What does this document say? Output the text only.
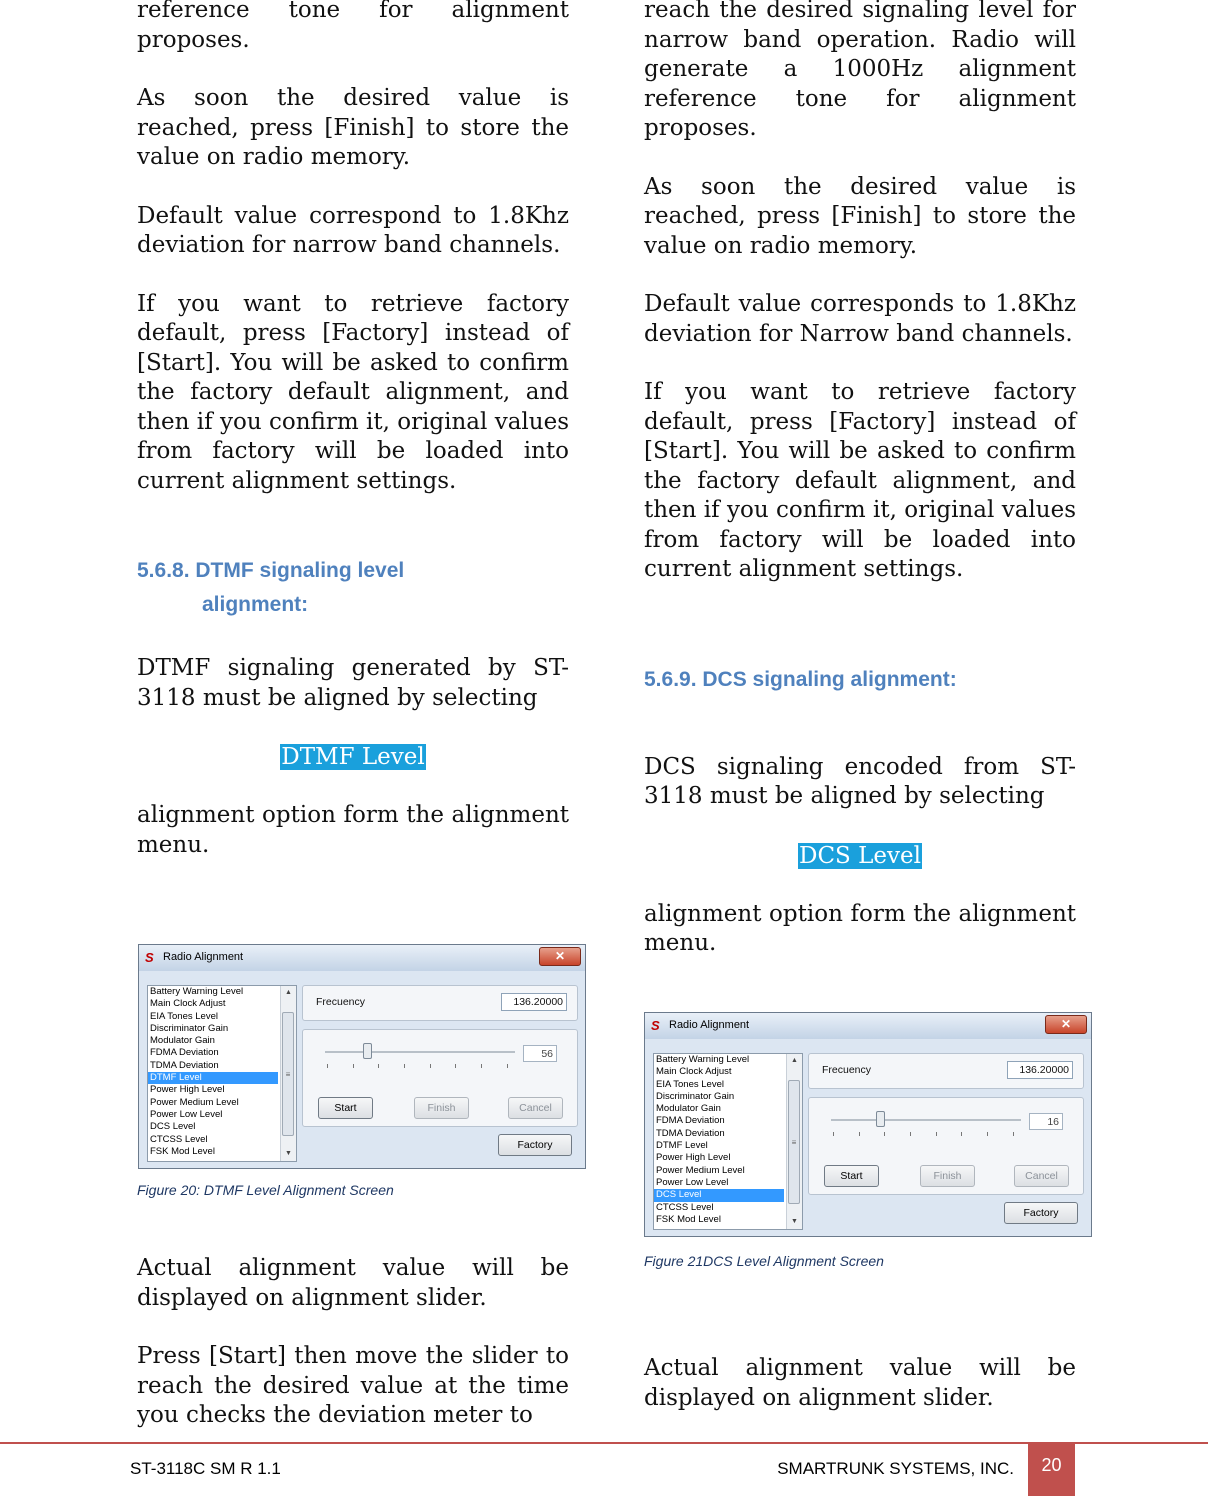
reference tone for alignment proposes.

As soon the desired value is reached, press [Finish] to store the value on radio memory.

Default value correspond to 1.8Khz deviation for narrow band channels.

If you want to retrieve factory default, press [Factory] instead of [Start]. You will be asked to confirm the factory default alignment, and then if you confirm it, original values from factory will be loaded into current alignment settings.

5.6.8. DTMF signaling level
alignment:

DTMF signaling generated by ST-3118 must be aligned by selecting

DTMF Level

alignment option form the alignment menu.

S Radio Alignment	✕
Battery Warning Level
Main Clock Adjust
EIA Tones Level
Discriminator Gain
Modulator Gain
FDMA Deviation
TDMA Deviation
DTMF Level
Power High Level
Power Medium Level
Power Low Level
DCS Level
CTCSS Level
FSK Mod Level
▲
≡
▼
Frecuency	136.20000
56
Start	Finish	Cancel
Factory

Figure 20: DTMF Level Alignment Screen

Actual alignment value will be displayed on alignment slider.

Press [Start] then move the slider to reach the desired value at the time you checks the deviation meter to

reach the desired signaling level for narrow band operation. Radio will generate a 1000Hz alignment reference tone for alignment proposes.

As soon the desired value is reached, press [Finish] to store the value on radio memory.

Default value corresponds to 1.8Khz deviation for Narrow band channels.

If you want to retrieve factory default, press [Factory] instead of [Start]. You will be asked to confirm the factory default alignment, and then if you confirm it, original values from factory will be loaded into current alignment settings.

5.6.9. DCS signaling alignment:

DCS signaling encoded from ST-3118 must be aligned by selecting

DCS Level

alignment option form the alignment menu.

S Radio Alignment	✕
Battery Warning Level
Main Clock Adjust
EIA Tones Level
Discriminator Gain
Modulator Gain
FDMA Deviation
TDMA Deviation
DTMF Level
Power High Level
Power Medium Level
Power Low Level
DCS Level
CTCSS Level
FSK Mod Level
▲
≡
▼
Frecuency	136.20000
16
Start	Finish	Cancel
Factory

Figure 21DCS Level Alignment Screen

Actual alignment value will be displayed on alignment slider.

ST-3118C SM R 1.1	SMARTRUNK SYSTEMS, INC.	20
